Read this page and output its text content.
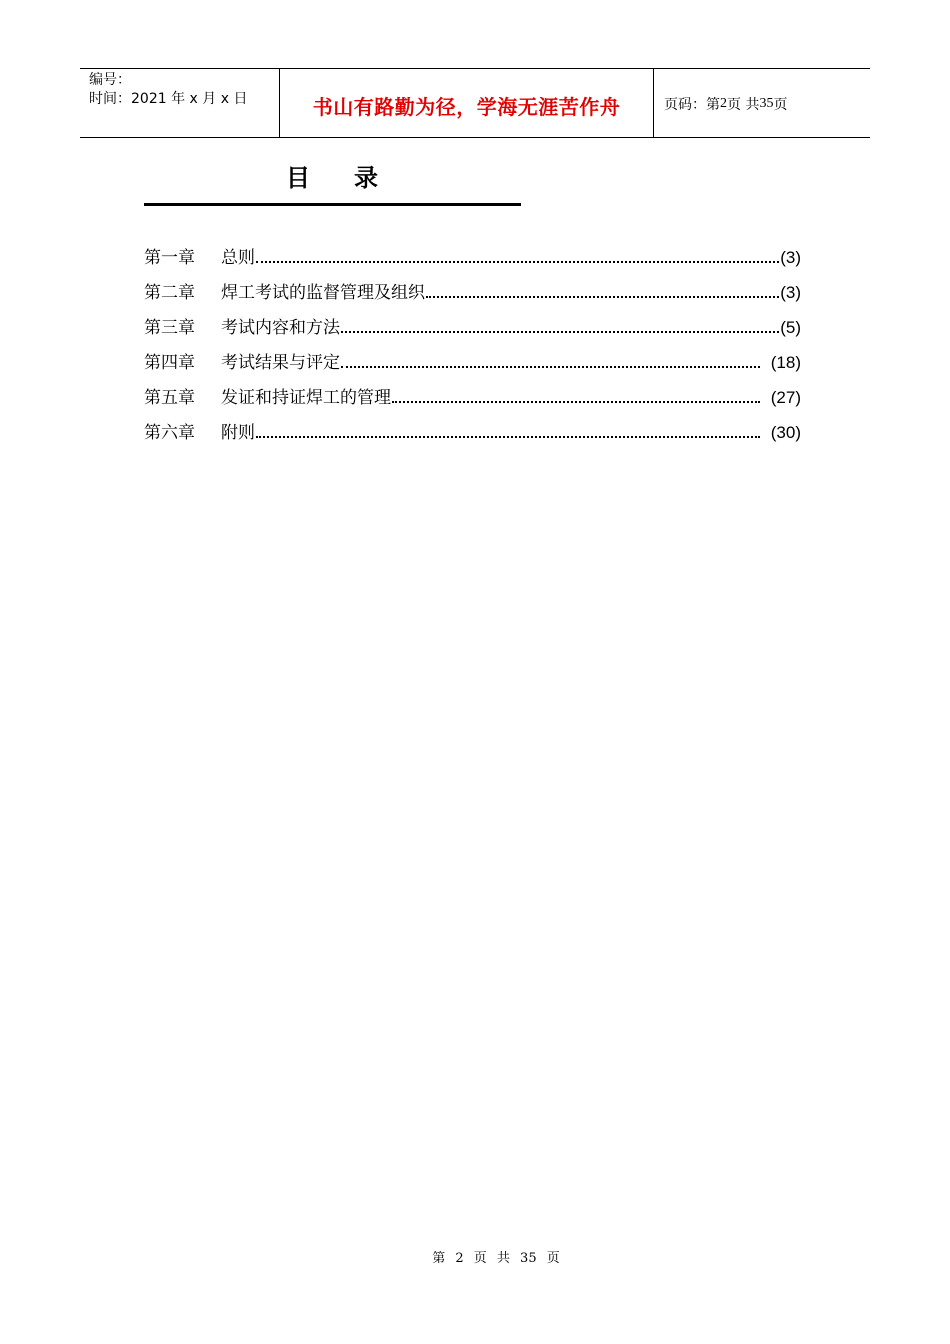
编号：
时间：2021 年 x 月 x 日	书山有路勤为径，学海无涯苦作舟	页码：第 2 页 共 35 页
目录
第一章	总则	(3)
第二章	焊工考试的监督管理及组织	(3)
第三章	考试内容和方法	(5)
第四章	考试结果与评定	(18)
第五章	发证和持证焊工的管理	(27)
第六章	附则	(30)
第 2 页 共 35 页
